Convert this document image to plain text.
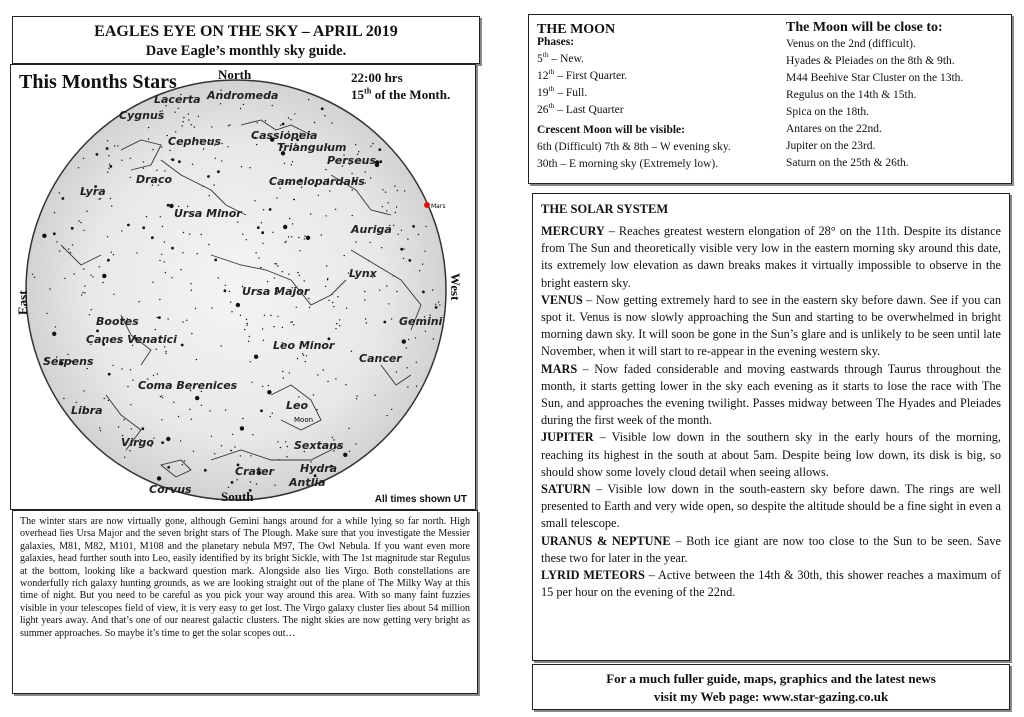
EAGLES EYE ON THE SKY – APRIL 2019
Dave Eagle’s monthly sky guide.
Mars
Moon
Lacerta Andromeda
Cygnus
Cassiopeia
Triangulum
Cepheus
Perseus
Lyra
Draco	Camelopardalis
Ursa Minor
Auriga
Lynx
Ursa Major
Bootes	Gemini
Canes Venatici	Leo Minor
Serpens	Cancer
Coma Berenices
Libra	Leo
Virgo	Sextans
Crater Hydra
Corvus
Antlia
This Months Stars	22:00 hrs
15th of the Month.
North
South
East
West
All times shown UT

The winter stars are now virtually gone, although Gemini hangs around for a while lying so far north. High overhead lies Ursa Major and the seven bright stars of The Plough. Make sure that you investigate the Messier galaxies, M81, M82, M101, M108 and the planetary nebula M97, The Owl Nebula. If you want even more galaxies, head further south into Leo, easily identified by its bright Sickle, with The 1st magnitude star Regulus at the bottom, looking like a backward question mark. Alongside also lies Virgo. Both constellations are wonderfully rich galaxy hunting grounds, as we are looking straight out of the plane of The Milky Way at this time of night. But you need to be careful as you pick your way around this area. With so many faint fuzzies visible in your telescopes field of view, it is very easy to get lost. The Virgo galaxy cluster lies about 54 million light years away. And that’s one of our nearest galactic clusters. The night skies are now getting very bright as summer approaches. So maybe it’s time to get the solar scopes out…

THE MOON
Phases:
5th – New.
12th – First Quarter.
19th – Full.
26th – Last Quarter
Crescent Moon will be visible:
6th (Difficult) 7th & 8th – W evening sky.
30th – E morning sky (Extremely low).
The Moon will be close to:
Venus on the 2nd (difficult).
Hyades & Pleiades on the 8th & 9th.
M44 Beehive Star Cluster on the 13th.
Regulus on the 14th & 15th.
Spica on the 18th.
Antares on the 22nd.
Jupiter on the 23rd.
Saturn on the 25th & 26th.
THE SOLAR SYSTEM

MERCURY – Reaches greatest western elongation of 28° on the 11th. Despite its distance from The Sun and theoretically visible very low in the eastern morning sky around this date, its extremely low elevation as dawn breaks makes it virtually impossible to observe in the bright eastern sky.

VENUS – Now getting extremely hard to see in the eastern sky before dawn. See if you can spot it. Venus is now slowly approaching the Sun and starting to be overwhelmed in bright morning dawn sky. It will soon be gone in the Sun’s glare and is unlikely to be seen until late November, when it will start to re-appear in the evening western sky.

MARS – Now faded considerable and moving eastwards through Taurus throughout the month, it starts getting lower in the sky each evening as it starts to lose the race with The Sun, and approaches the evening twilight. Passes midway between The Hyades and Pleiades during the first week of the month.

JUPITER – Visible low down in the southern sky in the early hours of the morning, reaching its highest in the south at about 5am. Despite being low down, its disk is big, so should show some lovely cloud detail when seeing allows.

SATURN – Visible low down in the south-eastern sky before dawn. The rings are well presented to Earth and very wide open, so despite the altitude should be a fine sight in even a small telescope.

URANUS & NEPTUNE – Both ice giant are now too close to the Sun to be seen. Save these two for later in the year.

LYRID METEORS – Active between the 14th & 30th, this shower reaches a maximum of 15 per hour on the evening of the 22nd.

For a much fuller guide, maps, graphics and the latest news
visit my Web page: www.star-gazing.co.uk
